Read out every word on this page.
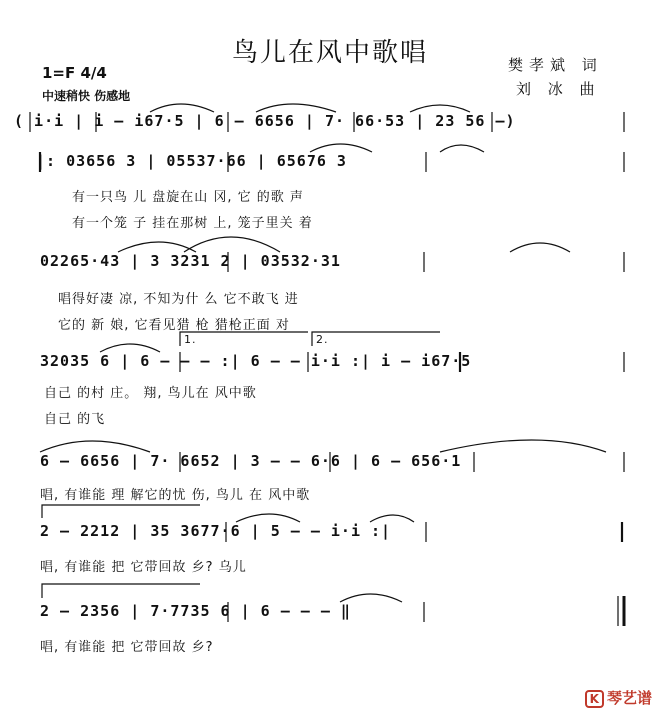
鸟儿在风中歌唱	樊孝斌 词
刘 冰 曲
1=F 4/4
中速稍快 伤感地
( i·i | i – i67·5 | 6 – 6656 | 7· 66·53 | 23 56 –)
|: 03656 3 | 05537·66 | 65676 3
有一只鸟 儿 盘旋在山 冈, 它 的歌 声
有一个笼 子 挂在那树 上, 笼子里关 着
02265·43 | 3 3231 2 | 03532·31
唱得好凄 凉, 不知为什 么 它不敢飞 进
它的 新 娘, 它看见猎 枪 猎枪正面 对
32035 6 | 6 – – – :| 6 – – i·i :| i – i67·5
自己 的村 庄。 翔, 鸟儿在 风中歌
自己 的飞
6 – 6656 | 7· 6652 | 3 – – 6·6 | 6 – 656·1
唱, 有谁能 理 解它的忧 伤, 鸟儿 在 风中歌
2 – 2212 | 35 3677·6 | 5 – – i·i :|
唱, 有谁能 把 它带回故 乡? 乌儿
2 – 2356 | 7·7735 6 | 6 – – – ‖
唱, 有谁能 把 它带回故 乡?
1.	2.
K 琴艺谱
